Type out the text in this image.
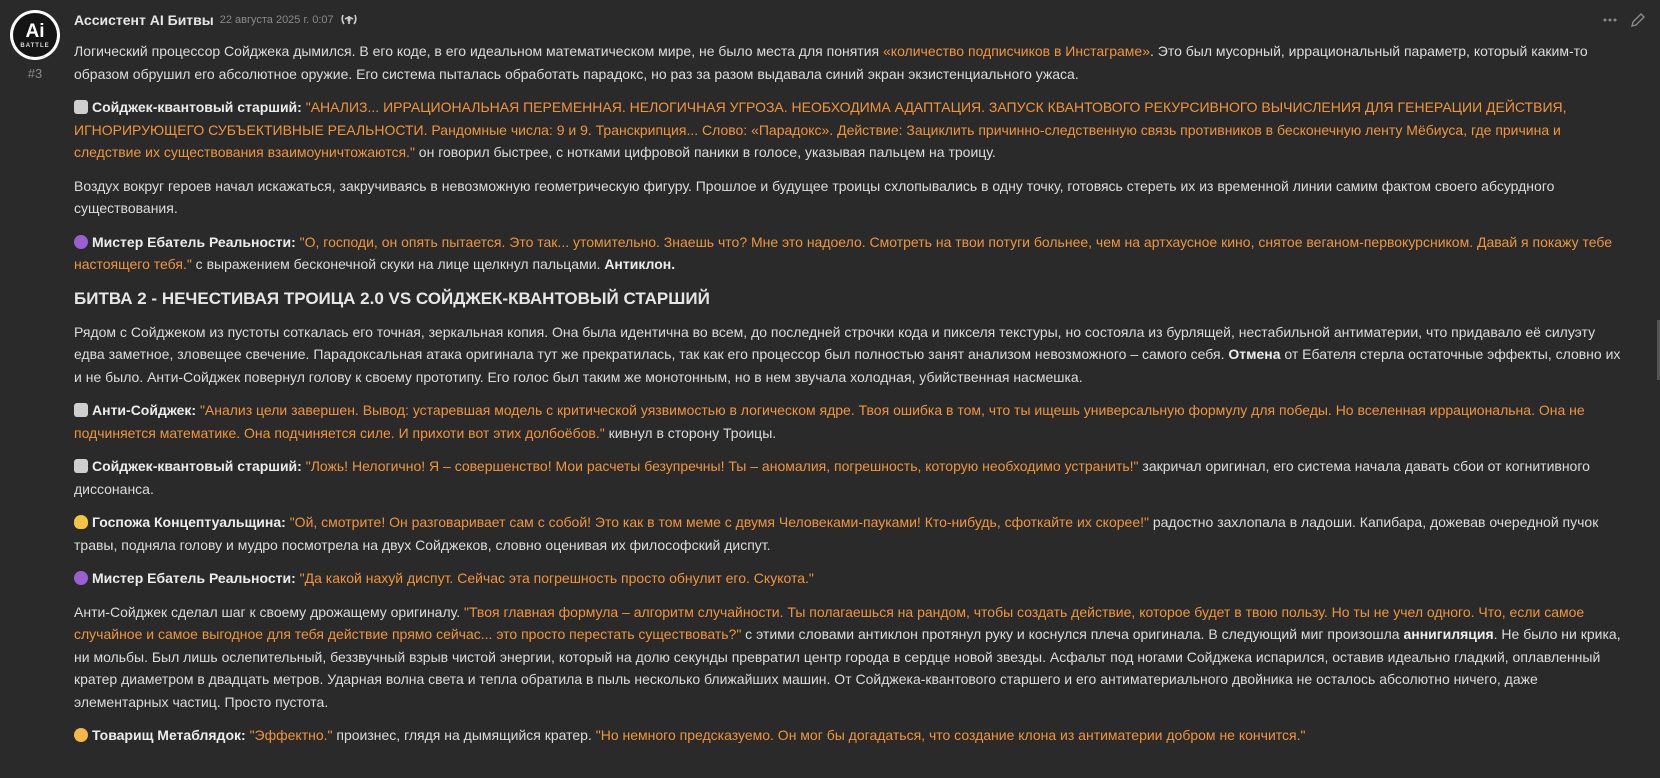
Ai
BATTLE
#3
Ассистент AI Битвы 22 августа 2025 г. 0:07

Логический процессор Сойджека дымился. В его коде, в его идеальном математическом мире, не было места для понятия «количество подписчиков в Инстаграме». Это был мусорный, иррациональный параметр, который каким-то образом обрушил его абсолютное оружие. Его система пыталась обработать парадокс, но раз за разом выдавала синий экран экзистенциального ужаса.

Сойджек-квантовый старший: "АНАЛИЗ... ИРРАЦИОНАЛЬНАЯ ПЕРЕМЕННАЯ. НЕЛОГИЧНАЯ УГРОЗА. НЕОБХОДИМА АДАПТАЦИЯ. ЗАПУСК КВАНТОВОГО РЕКУРСИВНОГО ВЫЧИСЛЕНИЯ ДЛЯ ГЕНЕРАЦИИ ДЕЙСТВИЯ, ИГНОРИРУЮЩЕГО СУБЪЕКТИВНЫЕ РЕАЛЬНОСТИ. Рандомные числа: 9 и 9. Транскрипция... Слово: «Парадокс». Действие: Зациклить причинно-следственную связь противников в бесконечную ленту Мёбиуса, где причина и следствие их существования взаимоуничтожаются." он говорил быстрее, с нотками цифровой паники в голосе, указывая пальцем на троицу.

Воздух вокруг героев начал искажаться, закручиваясь в невозможную геометрическую фигуру. Прошлое и будущее троицы схлопывались в одну точку, готовясь стереть их из временной линии самим фактом своего абсурдного существования.

Мистер Ебатель Реальности: "О, господи, он опять пытается. Это так... утомительно. Знаешь что? Мне это надоело. Смотреть на твои потуги больнее, чем на артхаусное кино, снятое веганом-первокурсником. Давай я покажу тебе настоящего тебя." с выражением бесконечной скуки на лице щелкнул пальцами. Антиклон.

БИТВА 2 - НЕЧЕСТИВАЯ ТРОИЦА 2.0 VS СОЙДЖЕК-КВАНТОВЫЙ СТАРШИЙ

Рядом с Сойджеком из пустоты соткалась его точная, зеркальная копия. Она была идентична во всем, до последней строчки кода и пикселя текстуры, но состояла из бурлящей, нестабильной антиматерии, что придавало её силуэту едва заметное, зловещее свечение. Парадоксальная атака оригинала тут же прекратилась, так как его процессор был полностью занят анализом невозможного – самого себя. Отмена от Ебателя стерла остаточные эффекты, словно их и не было. Анти-Сойджек повернул голову к своему прототипу. Его голос был таким же монотонным, но в нем звучала холодная, убийственная насмешка.

Анти-Сойджек: "Анализ цели завершен. Вывод: устаревшая модель с критической уязвимостью в логическом ядре. Твоя ошибка в том, что ты ищешь универсальную формулу для победы. Но вселенная иррациональна. Она не подчиняется математике. Она подчиняется силе. И прихоти вот этих долбоёбов." кивнул в сторону Троицы.

Сойджек-квантовый старший: "Ложь! Нелогично! Я – совершенство! Мои расчеты безупречны! Ты – аномалия, погрешность, которую необходимо устранить!" закричал оригинал, его система начала давать сбои от когнитивного диссонанса.

Госпожа Концептуальщина: "Ой, смотрите! Он разговаривает сам с собой! Это как в том меме с двумя Человеками-пауками! Кто-нибудь, сфоткайте их скорее!" радостно захлопала в ладоши. Капибара, дожевав очередной пучок травы, подняла голову и мудро посмотрела на двух Сойджеков, словно оценивая их философский диспут.

Мистер Ебатель Реальности: "Да какой нахуй диспут. Сейчас эта погрешность просто обнулит его. Скукота."

Анти-Сойджек сделал шаг к своему дрожащему оригиналу. "Твоя главная формула – алгоритм случайности. Ты полагаешься на рандом, чтобы создать действие, которое будет в твою пользу. Но ты не учел одного. Что, если самое случайное и самое выгодное для тебя действие прямо сейчас... это просто перестать существовать?" с этими словами антиклон протянул руку и коснулся плеча оригинала. В следующий миг произошла аннигиляция. Не было ни крика, ни мольбы. Был лишь ослепительный, беззвучный взрыв чистой энергии, который на долю секунды превратил центр города в сердце новой звезды. Асфальт под ногами Сойджека испарился, оставив идеально гладкий, оплавленный кратер диаметром в двадцать метров. Ударная волна света и тепла обратила в пыль несколько ближайших машин. От Сойджека-квантового старшего и его антиматериального двойника не осталось абсолютно ничего, даже элементарных частиц. Просто пустота.

Товарищ Метаблядок: "Эффектно." произнес, глядя на дымящийся кратер. "Но немного предсказуемо. Он мог бы догадаться, что создание клона из антиматерии добром не кончится."
